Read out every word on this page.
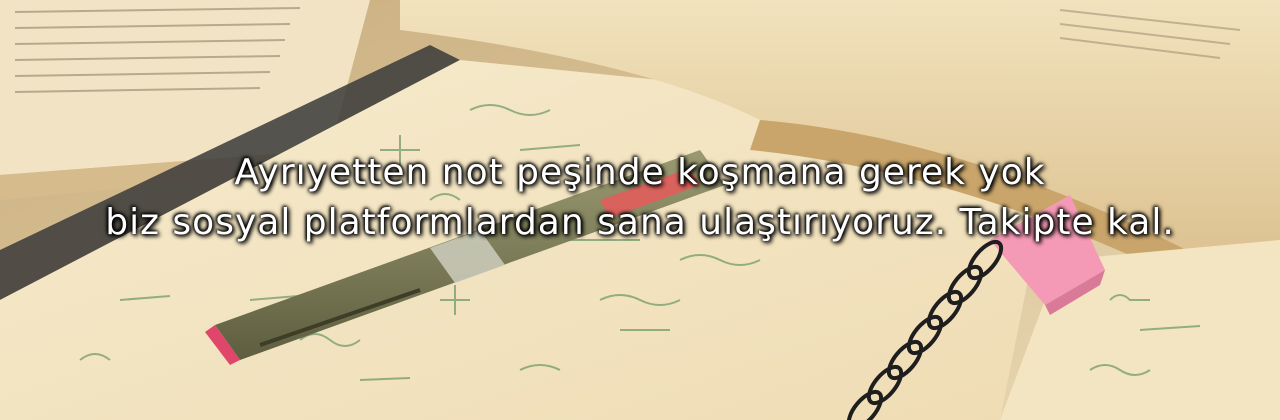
Ayrıyetten not peşinde koşmana gerek yok
biz sosyal platformlardan sana ulaştırıyoruz. Takipte kal.
